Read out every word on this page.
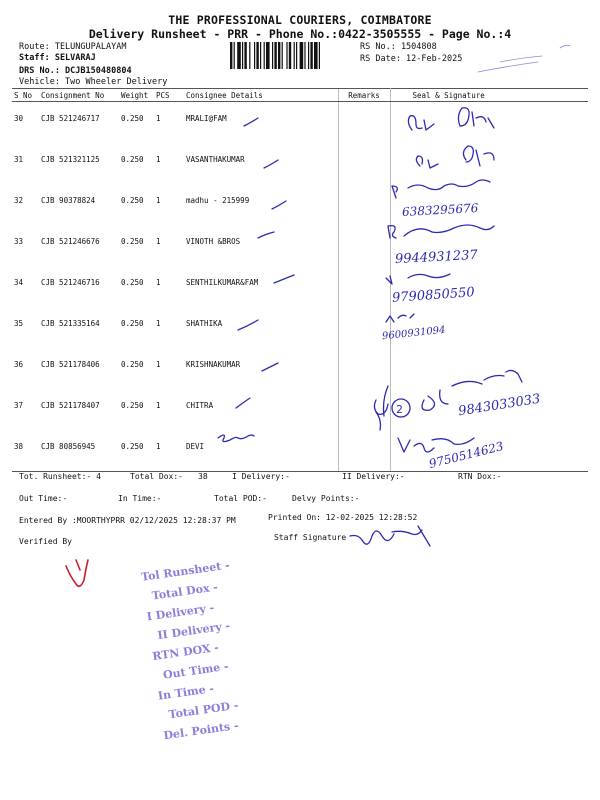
THE PROFESSIONAL COURIERS, COIMBATORE
Delivery Runsheet - PRR - Phone No.:0422-3505555 - Page No.:4
Route: TELUNGUPALAYAM
Staff: SELVARAJ
DRS No.: DCJB150480804
Vehicle: Two Wheeler Delivery
RS No.: 1504808
RS Date: 12-Feb-2025
S No	Consignment No	Weight	PCS	Consignee Details	Remarks	Seal & Signature
30	CJB 521246717	0.250	1	MRALI@FAM		
31	CJB 521321125	0.250	1	VASANTHAKUMAR		
32	CJB 90378824	0.250	1	madhu - 215999		
33	CJB 521246676	0.250	1	VINOTH &BROS		
34	CJB 521246716	0.250	1	SENTHILKUMAR&FAM		
35	CJB 521335164	0.250	1	SHATHIKA		
36	CJB 521178406	0.250	1	KRISHNAKUMAR		
37	CJB 521178407	0.250	1	CHITRA		
38	CJB 80856945	0.250	1	DEVI		
Tot. Runsheet:- 4	Total Dox:- 38	I Delivery:-	II Delivery:-	RTN Dox:-
Out Time:-	In Time:-	Total POD:-	Delvy Points:-
Entered By :MOORTHYPRR 02/12/2025 12:28:37 PM	Printed On: 12-02-2025 12:28:52
Verified By	Staff Signature
6383295676
9944931237
9790850550
9600931094
9843033033
9750514623
Tol Runsheet -
Total Dox -
I Delivery -
II Delivery -
RTN DOX -
Out Time -
In Time -
Total POD -
Del. Points -
2
